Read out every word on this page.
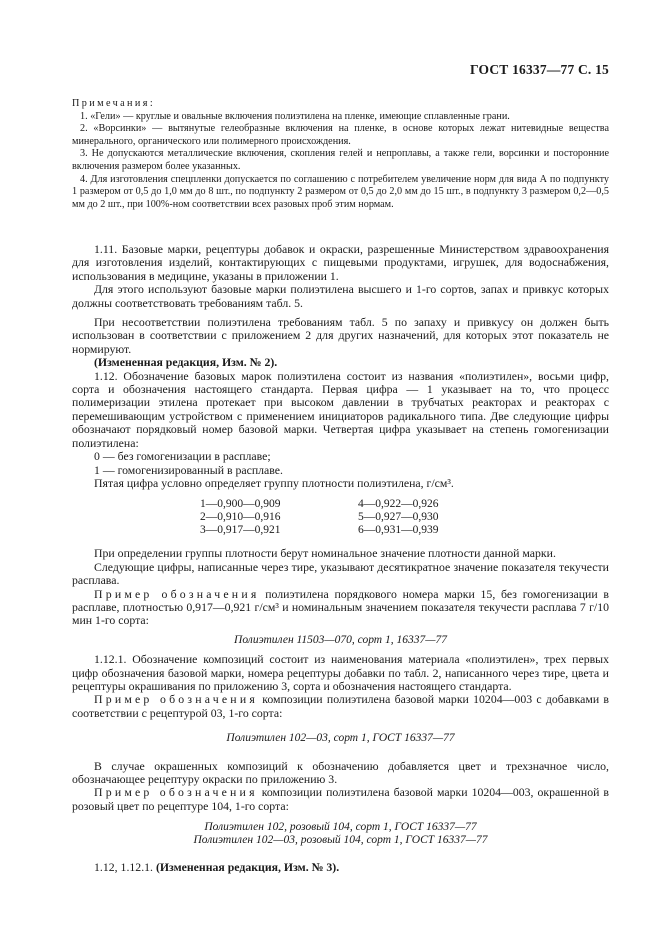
ГОСТ 16337—77 С. 15

Примечания:

1. «Гели» — круглые и овальные включения полиэтилена на пленке, имеющие сплавленные грани.

2. «Ворсинки» — вытянутые гелеобразные включения на пленке, в основе которых лежат нитевидные вещества минерального, органического или полимерного происхождения.

3. Не допускаются металлические включения, скопления гелей и непроплавы, а также гели, ворсинки и посторонние включения размером более указанных.

4. Для изготовления спецпленки допускается по соглашению с потребителем увеличение норм для вида А по подпункту 1 размером от 0,5 до 1,0 мм до 8 шт., по подпункту 2 размером от 0,5 до 2,0 мм до 15 шт., в подпункту 3 размером 0,2—0,5 мм до 2 шт., при 100%-ном соответствии всех разовых проб этим нормам.

1.11. Базовые марки, рецептуры добавок и окраски, разрешенные Министерством здравоохранения для изготовления изделий, контактирующих с пищевыми продуктами, игрушек, для водоснабжения, использования в медицине, указаны в приложении 1.

Для этого используют базовые марки полиэтилена высшего и 1-го сортов, запах и привкус которых должны соответствовать требованиям табл. 5.

При несоответствии полиэтилена требованиям табл. 5 по запаху и привкусу он должен быть использован в соответствии с приложением 2 для других назначений, для которых этот показатель не нормируют.

(Измененная редакция, Изм. № 2).

1.12. Обозначение базовых марок полиэтилена состоит из названия «полиэтилен», восьми цифр, сорта и обозначения настоящего стандарта. Первая цифра — 1 указывает на то, что процесс полимеризации этилена протекает при высоком давлении в трубчатых реакторах и реакторах с перемешивающим устройством с применением инициаторов радикального типа. Две следующие цифры обозначают порядковый номер базовой марки. Четвертая цифра указывает на степень гомогенизации полиэтилена:

0 — без гомогенизации в расплаве;

1 — гомогенизированный в расплаве.

Пятая цифра условно определяет группу плотности полиэтилена, г/см³.

1—0,900—0,909	4—0,922—0,926
2—0,910—0,916	5—0,927—0,930
3—0,917—0,921	6—0,931—0,939

При определении группы плотности берут номинальное значение плотности данной марки.

Следующие цифры, написанные через тире, указывают десятикратное значение показателя текучести расплава.

Пример обозначения полиэтилена порядкового номера марки 15, без гомогенизации в расплаве, плотностью 0,917—0,921 г/см³ и номинальным значением показателя текучести расплава 7 г/10 мин 1-го сорта:

Полиэтилен 11503—070, сорт 1, 16337—77

1.12.1. Обозначение композиций состоит из наименования материала «полиэтилен», трех первых цифр обозначения базовой марки, номера рецептуры добавки по табл. 2, написанного через тире, цвета и рецептуры окрашивания по приложению 3, сорта и обозначения настоящего стандарта.

Пример обозначения композиции полиэтилена базовой марки 10204—003 с добавками в соответствии с рецептурой 03, 1-го сорта:

Полиэтилен 102—03, сорт 1, ГОСТ 16337—77

В случае окрашенных композиций к обозначению добавляется цвет и трехзначное число, обозначающее рецептуру окраски по приложению 3.

Пример обозначения композиции полиэтилена базовой марки 10204—003, окрашенной в розовый цвет по рецептуре 104, 1-го сорта:

Полиэтилен 102, розовый 104, сорт 1, ГОСТ 16337—77
Полиэтилен 102—03, розовый 104, сорт 1, ГОСТ 16337—77

1.12, 1.12.1. (Измененная редакция, Изм. № 3).
